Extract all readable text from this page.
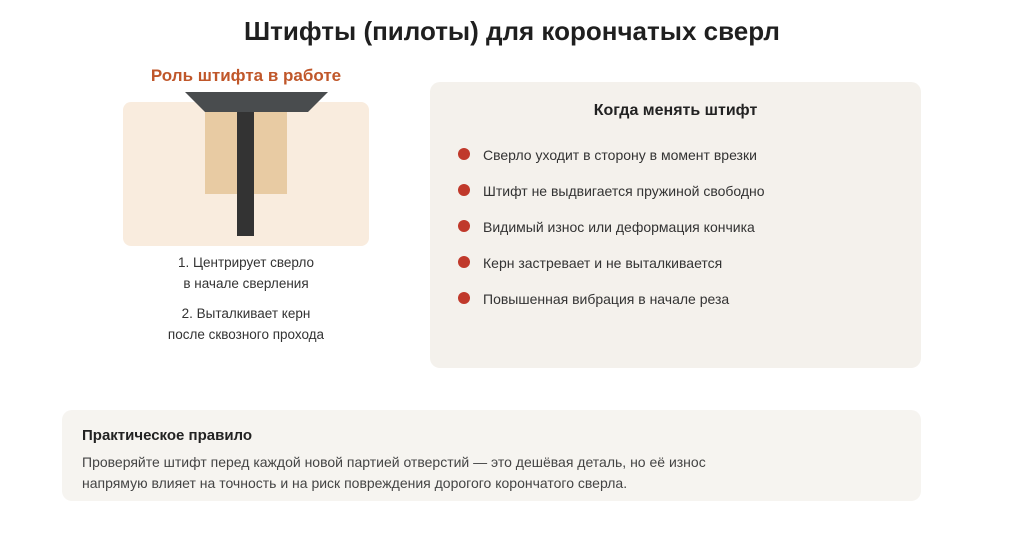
Штифты (пилоты) для корончатых сверл
Роль штифта в работе
1. Центрирует сверло
в начале сверления
2. Выталкивает керн
после сквозного прохода
Когда менять штифт
Сверло уходит в сторону в момент врезки
Штифт не выдвигается пружиной свободно
Видимый износ или деформация кончика
Керн застревает и не выталкивается
Повышенная вибрация в начале реза
Практическое правило
Проверяйте штифт перед каждой новой партией отверстий — это дешёвая деталь, но её износ напрямую влияет на точность и на риск повреждения дорогого корончатого сверла.
